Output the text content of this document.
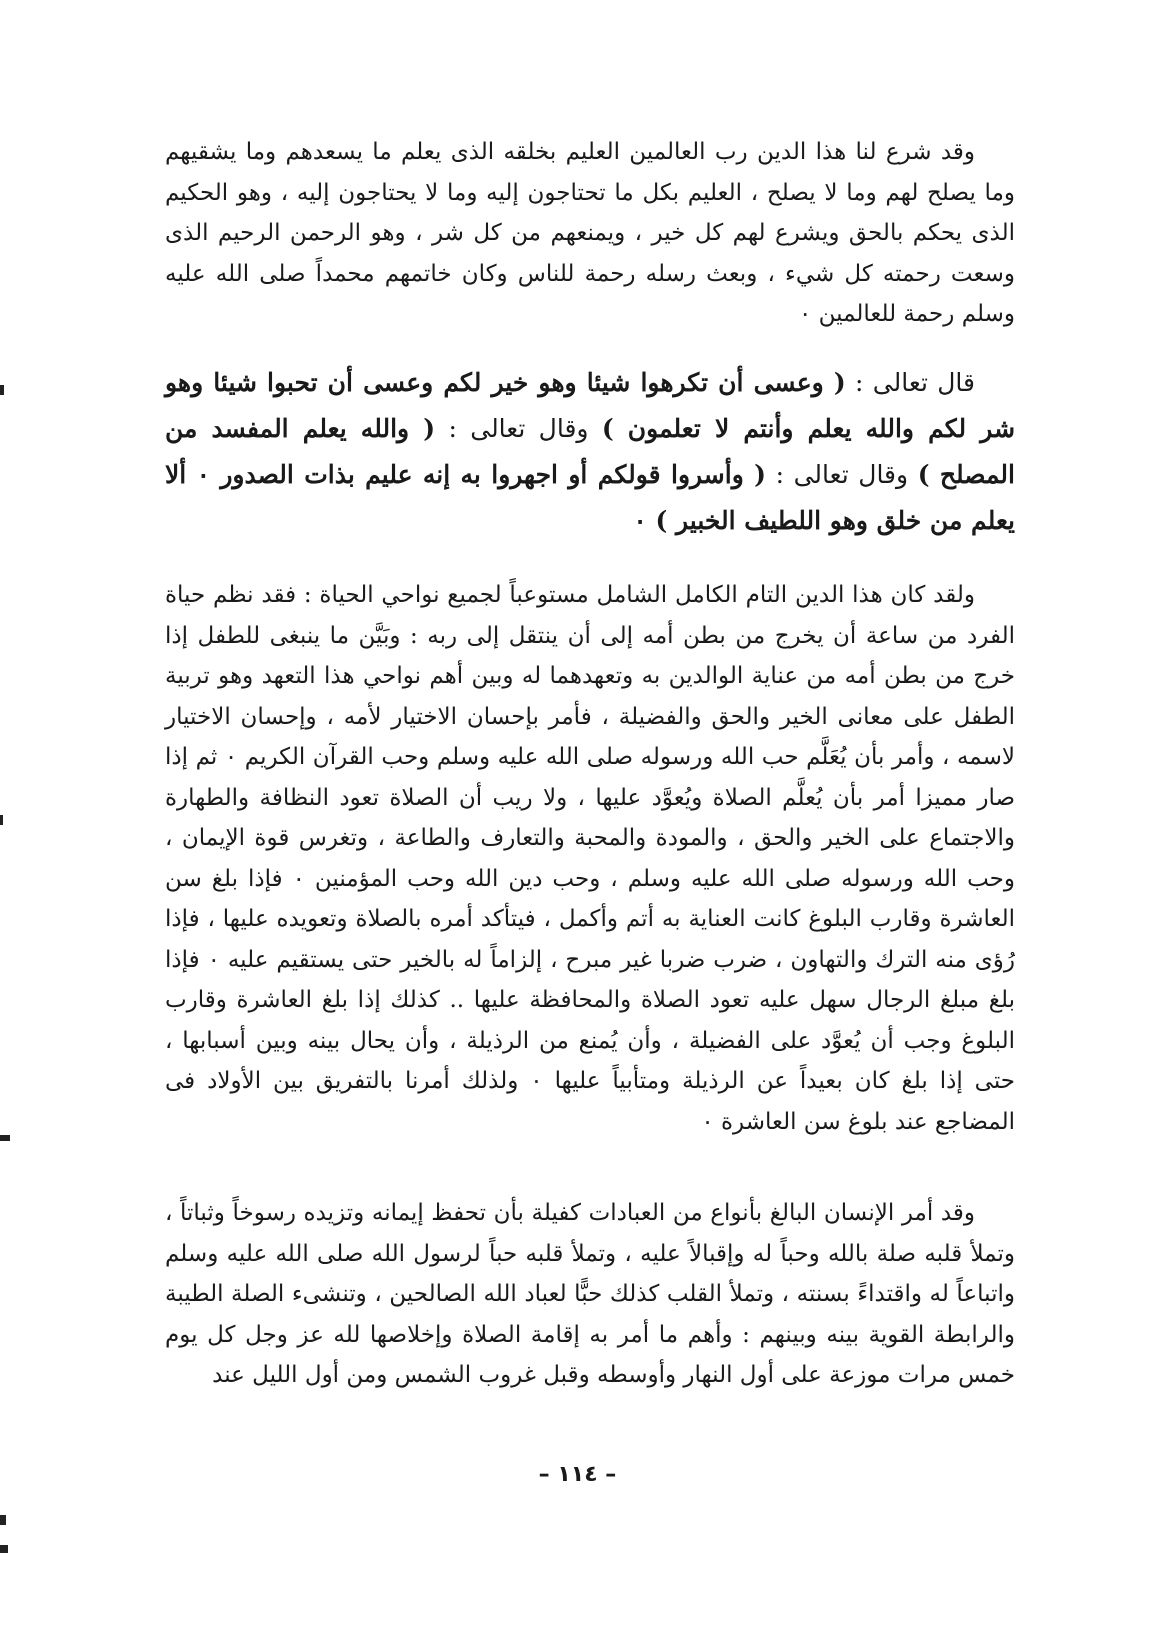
وقد شرع لنا هذا الدين رب العالمين العليم بخلقه الذى يعلم ما يسعدهم وما يشقيهم وما يصلح لهم وما لا يصلح ، العليم بكل ما تحتاجون إليه وما لا يحتاجون إليه ، وهو الحكيم الذى يحكم بالحق ويشرع لهم كل خير ، ويمنعهم من كل شر ، وهو الرحمن الرحيم الذى وسعت رحمته كل شيء ، وبعث رسله رحمة للناس وكان خاتمهم محمداً صلى الله عليه وسلم رحمة للعالمين ٠
قال تعالى : ( وعسى أن تكرهوا شيئا وهو خير لكم وعسى أن تحبوا شيئا وهو شر لكم والله يعلم وأنتم لا تعلمون ) وقال تعالى : ( والله يعلم المفسد من المصلح ) وقال تعالى : ( وأسروا قولكم أو اجهروا به إنه عليم بذات الصدور ٠ ألا يعلم من خلق وهو اللطيف الخبير ) ٠
ولقد كان هذا الدين التام الكامل الشامل مستوعباً لجميع نواحي الحياة : فقد نظم حياة الفرد من ساعة أن يخرج من بطن أمه إلى أن ينتقل إلى ربه : وبَيَّن ما ينبغى للطفل إذا خرج من بطن أمه من عناية الوالدين به وتعهدهما له وبين أهم نواحي هذا التعهد وهو تربية الطفل على معانى الخير والحق والفضيلة ، فأمر بإحسان الاختيار لأمه ، وإحسان الاختيار لاسمه ، وأمر بأن يُعَلَّم حب الله ورسوله صلى الله عليه وسلم وحب القرآن الكريم ٠ ثم إذا صار مميزا أمر بأن يُعلَّم الصلاة ويُعوَّد عليها ، ولا ريب أن الصلاة تعود النظافة والطهارة والاجتماع على الخير والحق ، والمودة والمحبة والتعارف والطاعة ، وتغرس قوة الإيمان ، وحب الله ورسوله صلى الله عليه وسلم ، وحب دين الله وحب المؤمنين ٠ فإذا بلغ سن العاشرة وقارب البلوغ كانت العناية به أتم وأكمل ، فيتأكد أمره بالصلاة وتعويده عليها ، فإذا رُؤى منه الترك والتهاون ، ضرب ضربا غير مبرح ، إلزاماً له بالخير حتى يستقيم عليه ٠ فإذا بلغ مبلغ الرجال سهل عليه تعود الصلاة والمحافظة عليها .. كذلك إذا بلغ العاشرة وقارب البلوغ وجب أن يُعوَّد على الفضيلة ، وأن يُمنع من الرذيلة ، وأن يحال بينه وبين أسبابها ، حتى إذا بلغ كان بعيداً عن الرذيلة ومتأبياً عليها ٠ ولذلك أمرنا بالتفريق بين الأولاد فى المضاجع عند بلوغ سن العاشرة ٠
وقد أمر الإنسان البالغ بأنواع من العبادات كفيلة بأن تحفظ إيمانه وتزيده رسوخاً وثباتاً ، وتملأ قلبه صلة بالله وحباً له وإقبالاً عليه ، وتملأ قلبه حباً لرسول الله صلى الله عليه وسلم واتباعاً له واقتداءً بسنته ، وتملأ القلب كذلك حبًّا لعباد الله الصالحين ، وتنشىء الصلة الطيبة والرابطة القوية بينه وبينهم : وأهم ما أمر به إقامة الصلاة وإخلاصها لله عز وجل كل يوم خمس مرات موزعة على أول النهار وأوسطه وقبل غروب الشمس ومن أول الليل عند
– ١١٤ –
